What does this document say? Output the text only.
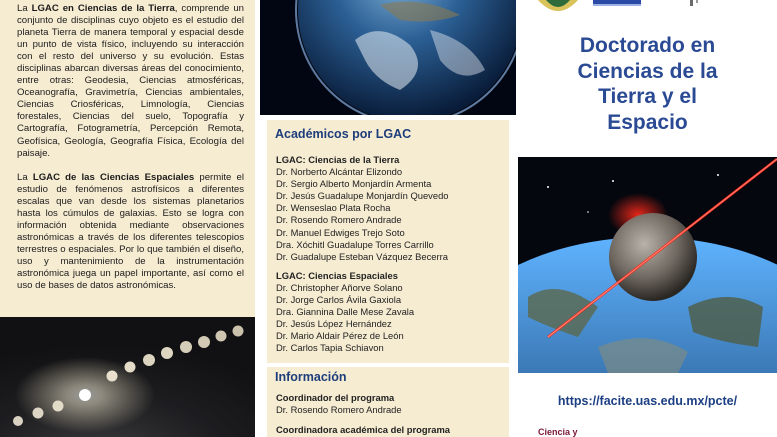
La LGAC en Ciencias de la Tierra, comprende un conjunto de disciplinas cuyo objeto es el estudio del planeta Tierra de manera temporal y espacial desde un punto de vista físico, incluyendo su interacción con el resto del universo y su evolución. Estas disciplinas abarcan diversas áreas del conocimiento, entre otras: Geodesia, Ciencias atmosféricas, Oceanografía, Gravimetría, Ciencias ambientales, Ciencias Criosféricas, Limnología, Ciencias forestales, Ciencias del suelo, Topografía y Cartografía, Fotogrametría, Percepción Remota, Geofísica, Geología, Geografía Física, Ecología del paisaje.

La LGAC de las Ciencias Espaciales permite el estudio de fenómenos astrofísicos a diferentes escalas que van desde los sistemas planetarios hasta los cúmulos de galaxias. Esto se logra con información obtenida mediante observaciones astronómicas a través de los diferentes telescopios terrestres o espaciales. Por lo que también el diseño, uso y mantenimiento de la instrumentación astronómica juega un papel importante, así como el uso de bases de datos astronómicas.

Académicos por LGAC
LGAC: Ciencias de la Tierra
Dr. Norberto Alcántar Elizondo
Dr. Sergio Alberto Monjardín Armenta
Dr. Jesús Guadalupe Monjardín Quevedo
Dr. Wenseslao Plata Rocha
Dr. Rosendo Romero Andrade
Dr. Manuel Edwiges Trejo Soto
Dra. Xóchitl Guadalupe Torres Carrillo
Dr. Guadalupe Esteban Vázquez Becerra
LGAC: Ciencias Espaciales
Dr. Christopher Añorve Solano
Dr. Jorge Carlos Ávila Gaxiola
Dra. Giannina Dalle Mese Zavala
Dr. Jesús López Hernández
Dr. Mario Aldair Pérez de León
Dr. Carlos Tapia Schiavon
Información
Coordinador del programa
Dr. Rosendo Romero Andrade
Coordinadora académica del programa
Doctorado en
Ciencias de la
Tierra y el
Espacio
https://facite.uas.edu.mx/pcte/
Ciencia y
